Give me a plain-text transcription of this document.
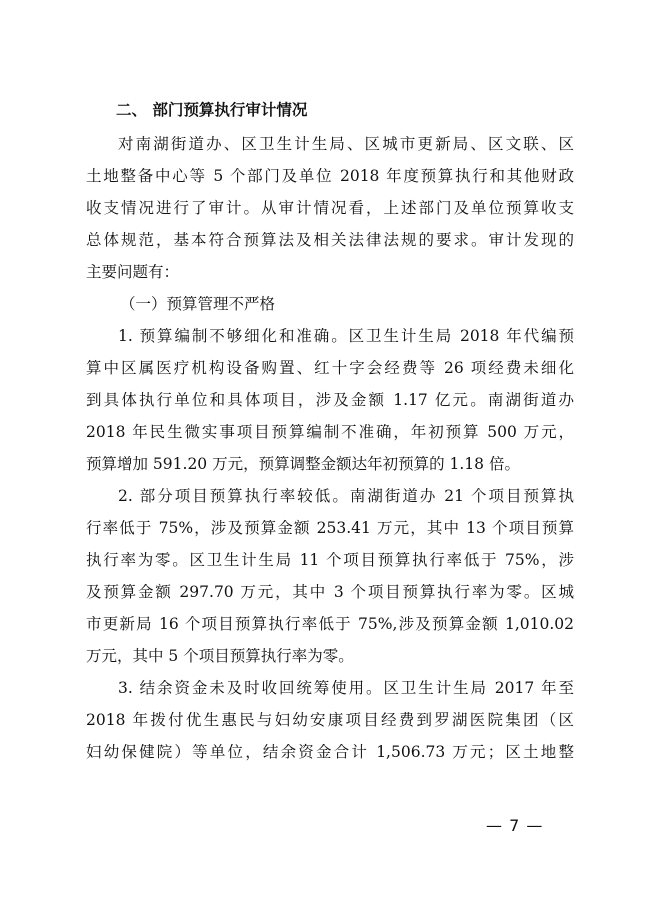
二、 部门预算执行审计情况
对南湖街道办、区卫生计生局、区城市更新局、区文联、区
土地整备中心等 5 个部门及单位 2018 年度预算执行和其他财政
收支情况进行了审计。从审计情况看，上述部门及单位预算收支
总体规范，基本符合预算法及相关法律法规的要求。审计发现的
主要问题有：
（一）预算管理不严格
1. 预算编制不够细化和准确。区卫生计生局 2018 年代编预
算中区属医疗机构设备购置、红十字会经费等 26 项经费未细化
到具体执行单位和具体项目，涉及金额 1.17 亿元。南湖街道办
2018 年民生微实事项目预算编制不准确，年初预算 500 万元，
预算增加 591.20 万元，预算调整金额达年初预算的 1.18 倍。
2. 部分项目预算执行率较低。南湖街道办 21 个项目预算执
行率低于 75%，涉及预算金额 253.41 万元，其中 13 个项目预算
执行率为零。区卫生计生局 11 个项目预算执行率低于 75%，涉
及预算金额 297.70 万元，其中 3 个项目预算执行率为零。区城
市更新局 16 个项目预算执行率低于 75%,涉及预算金额 1,010.02
万元，其中 5 个项目预算执行率为零。
3. 结余资金未及时收回统筹使用。区卫生计生局 2017 年至
2018 年拨付优生惠民与妇幼安康项目经费到罗湖医院集团（区
妇幼保健院）等单位，结余资金合计 1,506.73 万元；区土地整
— 7 —
